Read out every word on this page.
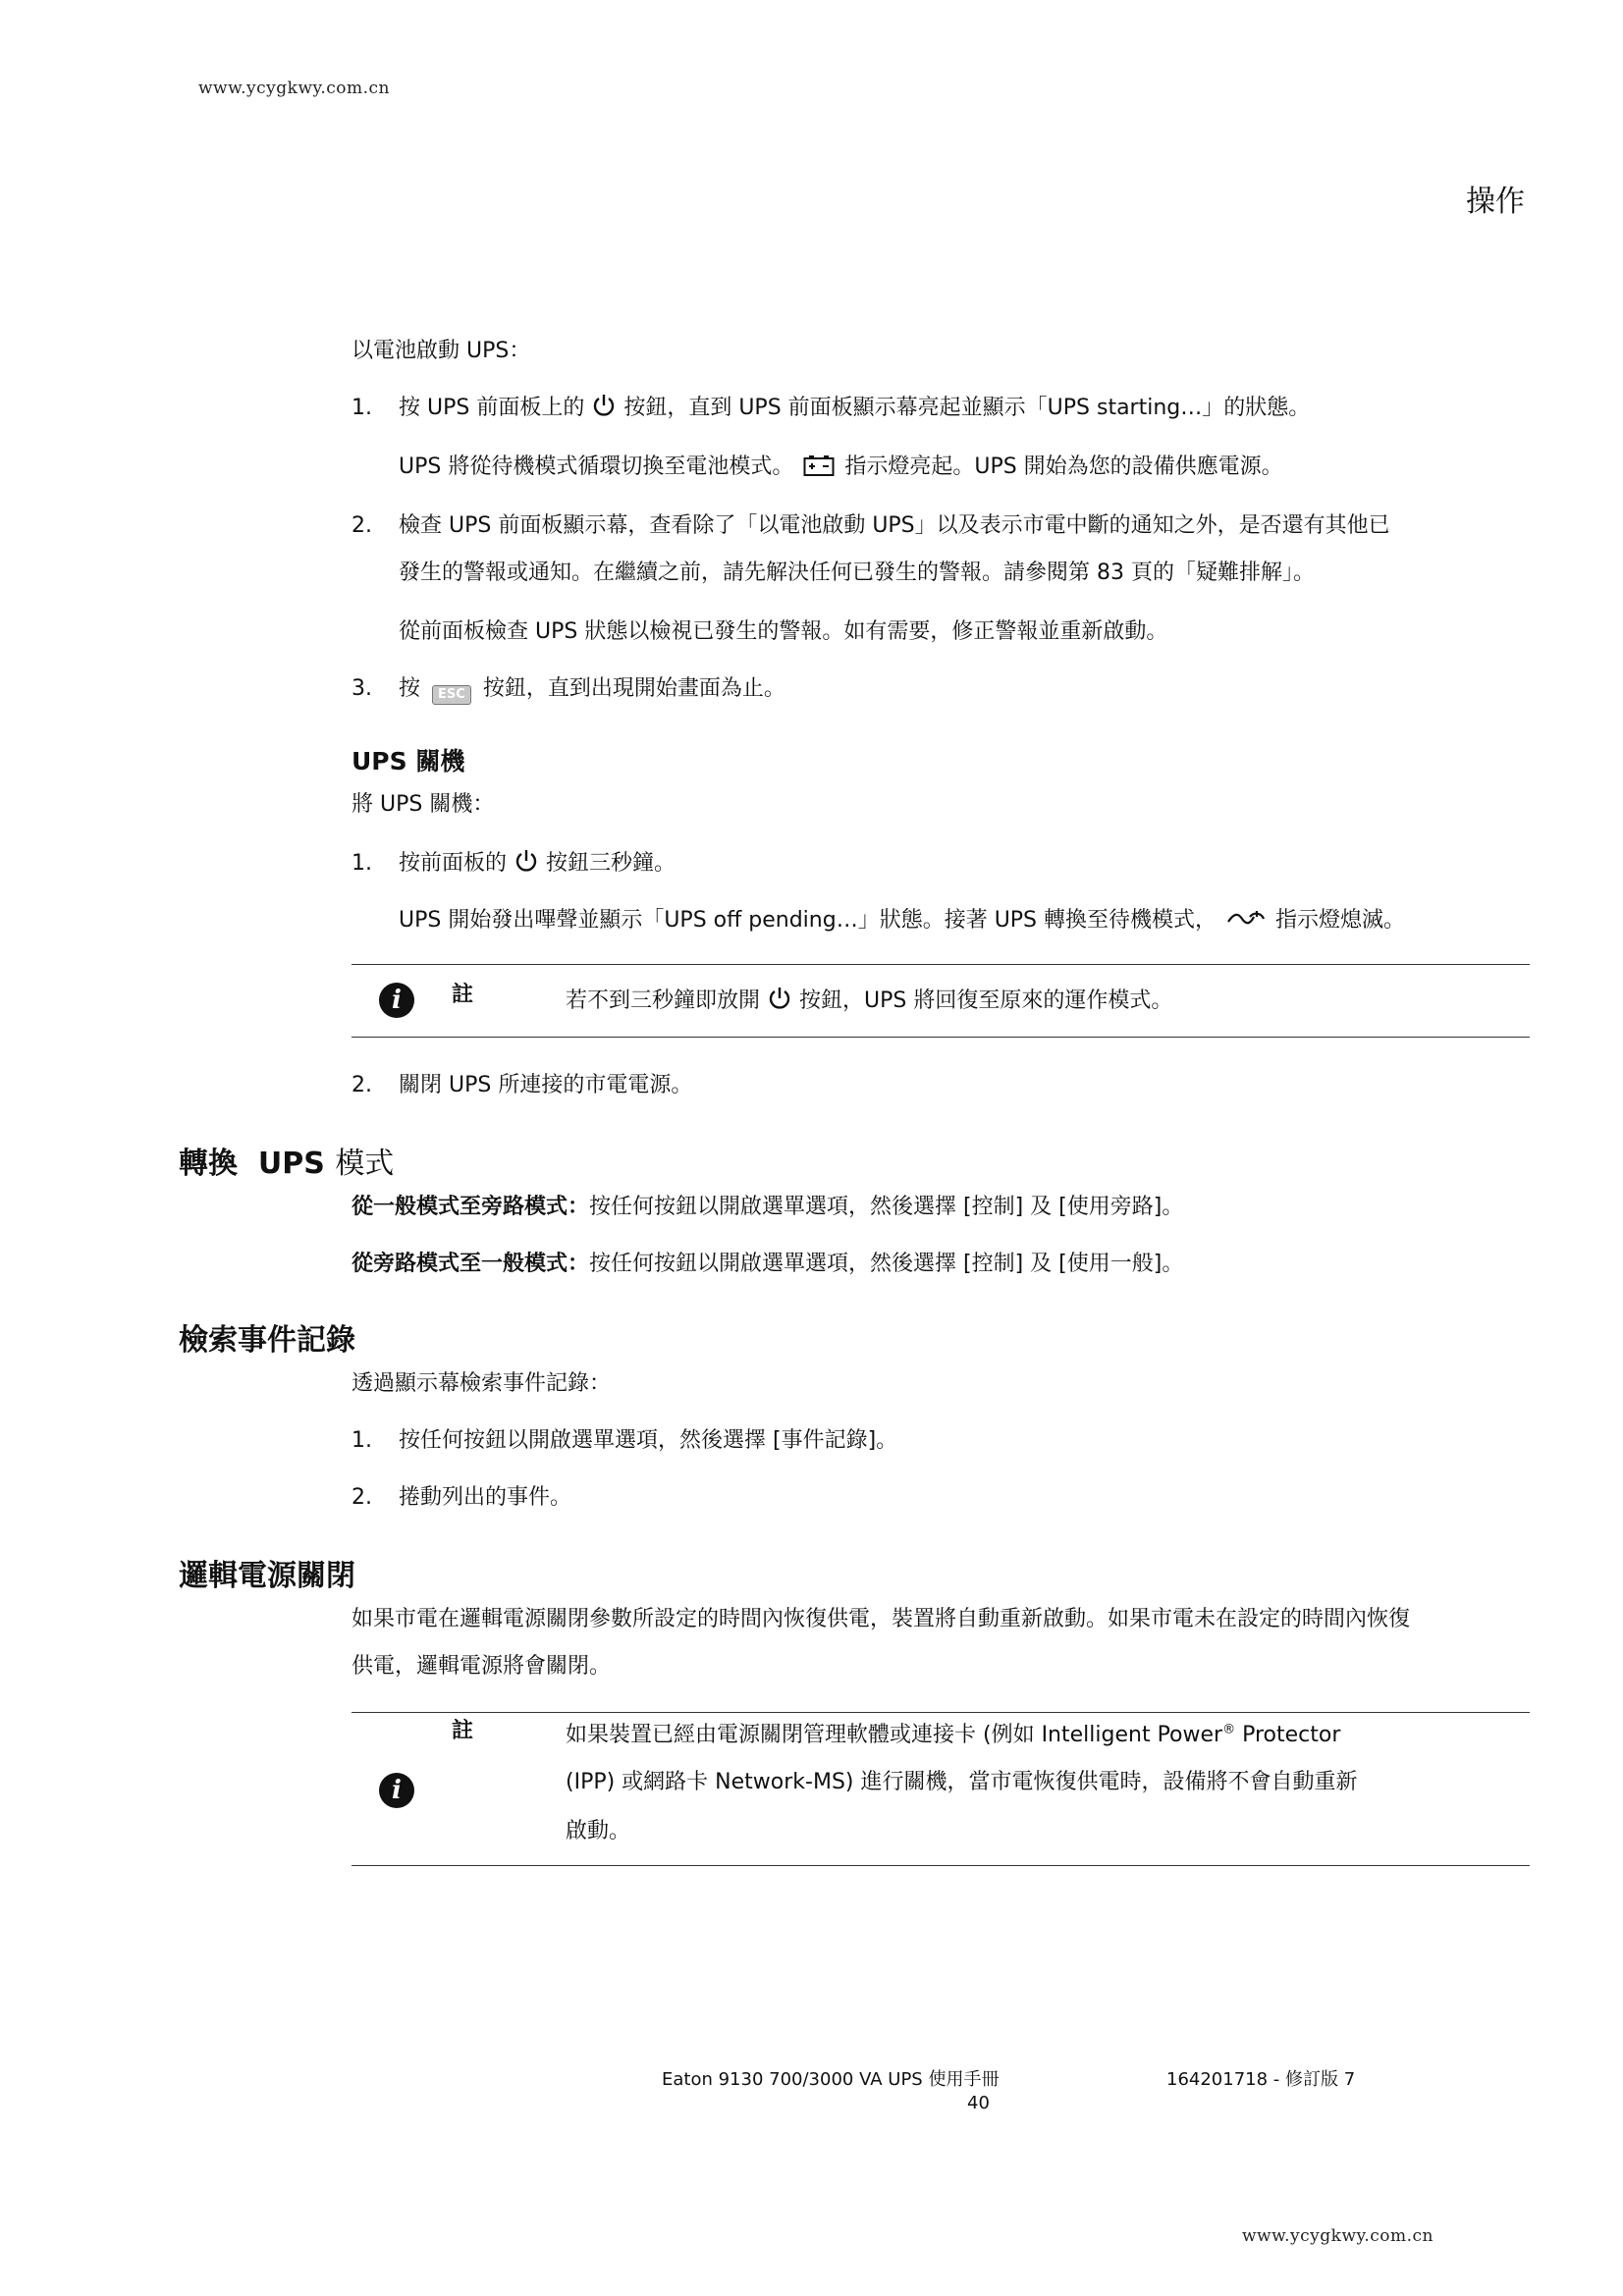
www.ycygkwy.com.cn
操作
以電池啟動 UPS：
1. 按 UPS 前面板上的 按鈕，直到 UPS 前面板顯示幕亮起並顯示「UPS starting…」的狀態。
UPS 將從待機模式循環切換至電池模式。 指示燈亮起。UPS 開始為您的設備供應電源。
2. 檢查 UPS 前面板顯示幕，查看除了「以電池啟動 UPS」以及表示市電中斷的通知之外，是否還有其他已
發生的警報或通知。在繼續之前，請先解決任何已發生的警報。請參閱第 83 頁的「疑難排解」。
從前面板檢查 UPS 狀態以檢視已發生的警報。如有需要，修正警報並重新啟動。
3. 按 ESC 按鈕，直到出現開始畫面為止。
UPS 關機
將 UPS 關機：
1. 按前面板的 按鈕三秒鐘。
UPS 開始發出嗶聲並顯示「UPS off pending…」狀態。接著 UPS 轉換至待機模式，	指示燈熄滅。
i	註	若不到三秒鐘即放開 按鈕，UPS 將回復至原來的運作模式。
2. 關閉 UPS 所連接的市電電源。
轉換 UPS 模式
從一般模式至旁路模式：按任何按鈕以開啟選單選項，然後選擇 [控制] 及 [使用旁路]。
從旁路模式至一般模式：按任何按鈕以開啟選單選項，然後選擇 [控制] 及 [使用一般]。
檢索事件記錄
透過顯示幕檢索事件記錄：
1. 按任何按鈕以開啟選單選項，然後選擇 [事件記錄]。
2. 捲動列出的事件。
邏輯電源關閉
如果市電在邏輯電源關閉參數所設定的時間內恢復供電，裝置將自動重新啟動。如果市電未在設定的時間內恢復
供電，邏輯電源將會關閉。
註	如果裝置已經由電源關閉管理軟體或連接卡 (例如 Intelligent Power® Protector
i	(IPP) 或網路卡 Network-MS) 進行關機，當市電恢復供電時，設備將不會自動重新
啟動。
Eaton 9130 700/3000 VA UPS 使用手冊	164201718 - 修訂版 7
40
www.ycygkwy.com.cn
